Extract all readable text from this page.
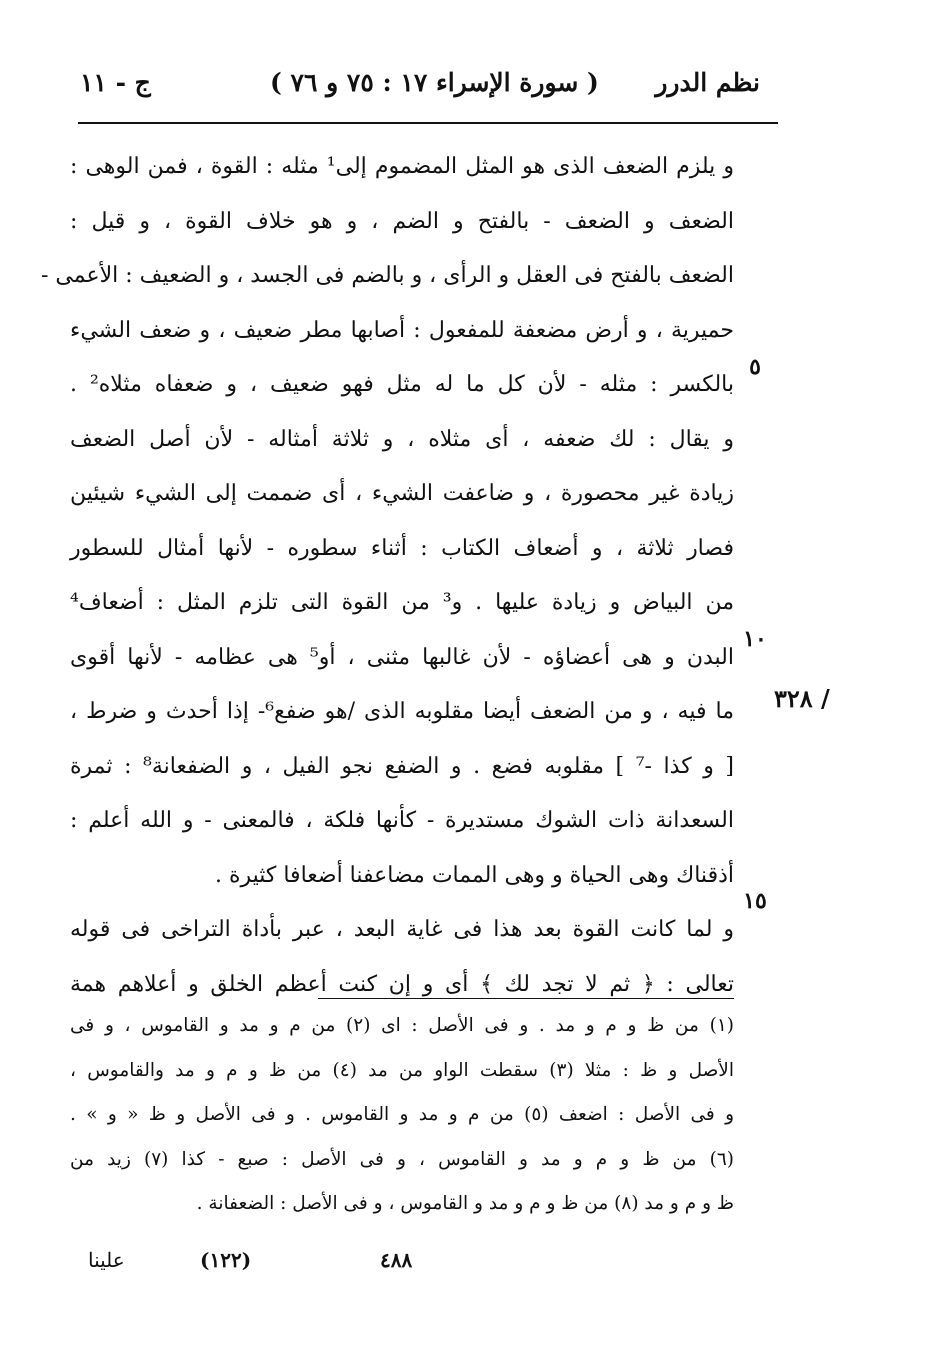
نظم الدرر
( سورة الإسراء ١٧ : ٧٥ و ٧٦ )
ج - ١١
٥
١٠
١٥
/ ٣٢٨
و يلزم الضعف الذى هو المثل المضموم إلى¹ مثله : القوة ، فمن الوهى :
الضعف و الضعف - بالفتح و الضم ، و هو خلاف القوة ، و قيل :
الضعف بالفتح فى العقل و الرأى ، و بالضم فى الجسد ، و الضعيف : الأعمى -
حميرية ، و أرض مضعفة للمفعول : أصابها مطر ضعيف ، و ضعف الشيء
بالكسر : مثله - لأن كل ما له مثل فهو ضعيف ، و ضعفاه مثلاه² .
و يقال : لك ضعفه ، أى مثلاه ، و ثلاثة أمثاله - لأن أصل الضعف
زيادة غير محصورة ، و ضاعفت الشيء ، أى ضممت إلى الشيء شيئين
فصار ثلاثة ، و أضعاف الكتاب : أثناء سطوره - لأنها أمثال للسطور
من البياض و زيادة عليها . و³ من القوة التى تلزم المثل : أضعاف⁴
البدن و هى أعضاؤه - لأن غالبها مثنى ، أو⁵ هى عظامه - لأنها أقوى
ما فيه ، و من الضعف أيضا مقلوبه الذى /هو ضفع⁶- إذا أحدث و ضرط ،
[ و كذا -⁷ ] مقلوبه فضع . و الضفع نجو الفيل ، و الضفعانة⁸ : ثمرة
السعدانة ذات الشوك مستديرة - كأنها فلكة ، فالمعنى - و الله أعلم :
أذقناك وهى الحياة و وهى الممات مضاعفنا أضعافا كثيرة .
و لما كانت القوة بعد هذا فى غاية البعد ، عبر بأداة التراخى فى قوله
تعالى : ﴿ ثم لا تجد لك ﴾ أى و إن كنت أعظم الخلق و أعلاهم همة
(١) من ظ و م و مد . و فى الأصل : اى (٢) من م و مد و القاموس ، و فى
الأصل و ظ : مثلا (٣) سقطت الواو من مد (٤) من ظ و م و مد والقاموس ،
و فى الأصل : اضعف (٥) من م و مد و القاموس . و فى الأصل و ظ « و » .
(٦) من ظ و م و مد و القاموس ، و فى الأصل : صبع - كذا (٧) زيد من
ظ و م و مد (٨) من ظ و م و مد و القاموس ، و فى الأصل : الضعفانة .
٤٨٨
(١٢٢)
علينا
